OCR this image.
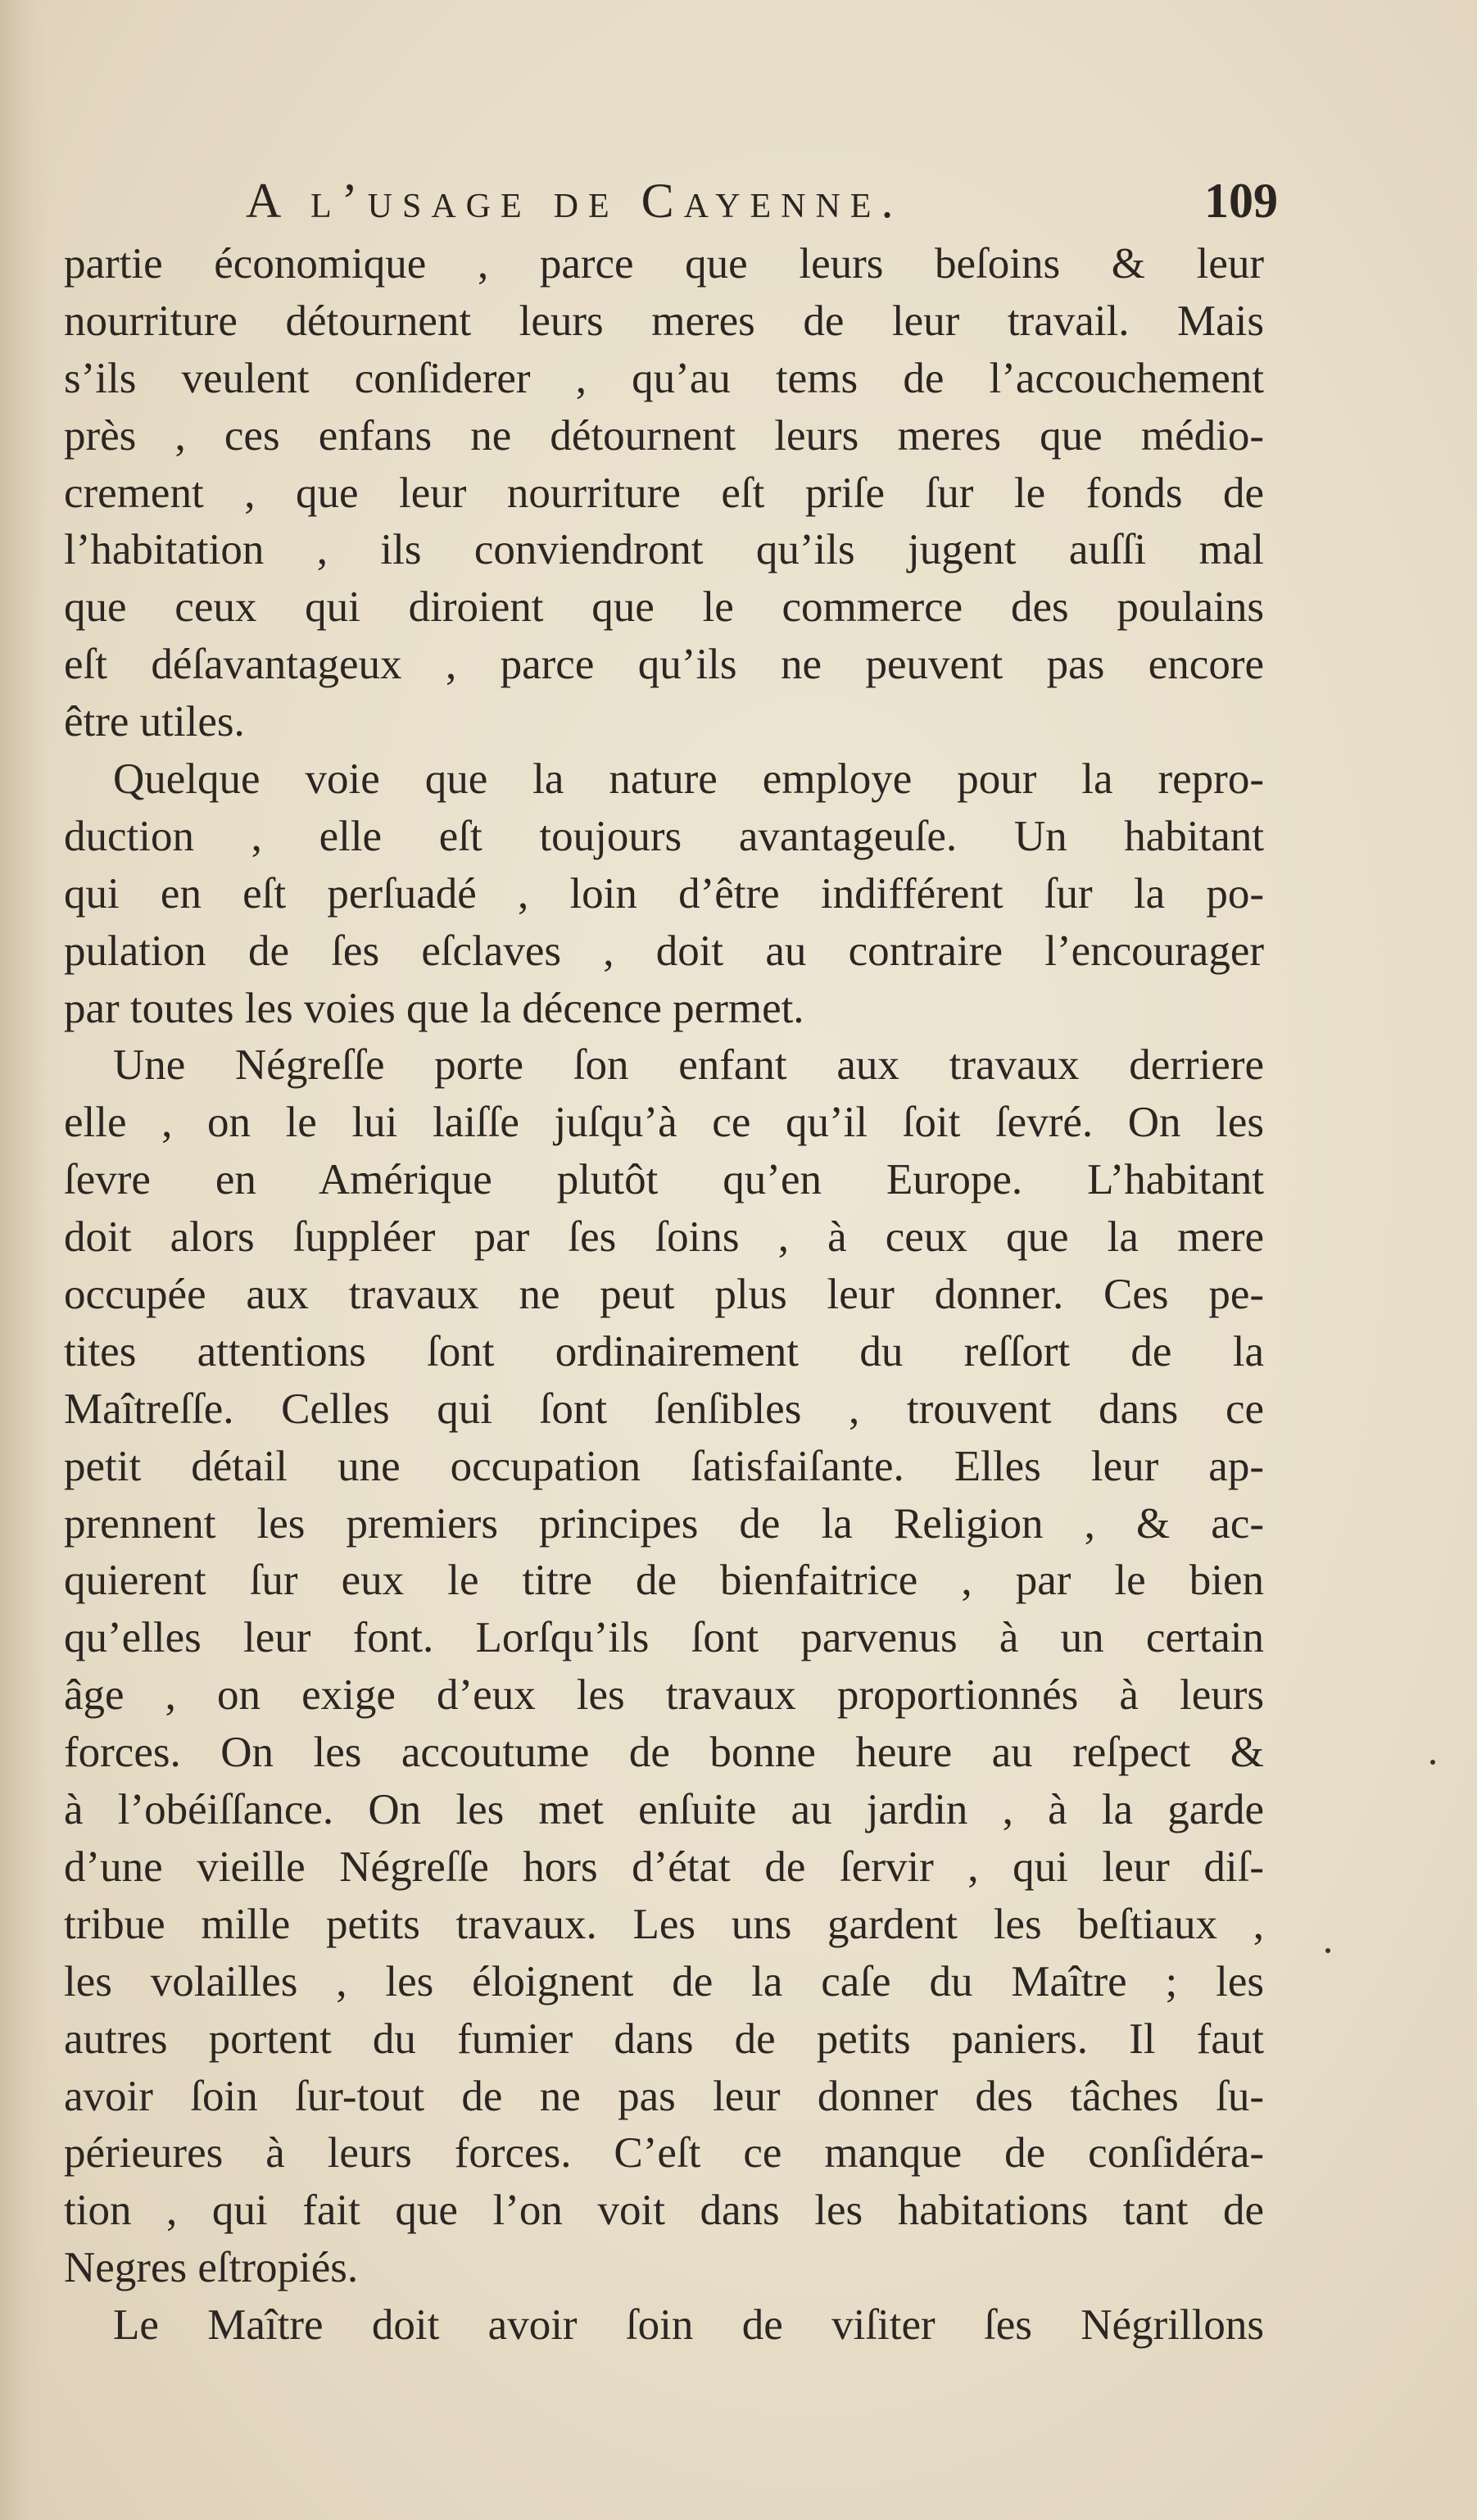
A l’usage de Cayenne.	109
partie économique , parce que leurs beſoins & leur
nourriture détournent leurs meres de leur travail. Mais
s’ils veulent conſiderer , qu’au tems de l’accouchement
près , ces enfans ne détournent leurs meres que médio-
crement , que leur nourriture eſt priſe ſur le fonds de
l’habitation , ils conviendront qu’ils jugent auſſi mal
que ceux qui diroient que le commerce des poulains
eſt déſavantageux , parce qu’ils ne peuvent pas encore
être utiles.
Quelque voie que la nature employe pour la repro-
duction , elle eſt toujours avantageuſe. Un habitant
qui en eſt perſuadé , loin d’être indifférent ſur la po-
pulation de ſes eſclaves , doit au contraire l’encourager
par toutes les voies que la décence permet.
Une Négreſſe porte ſon enfant aux travaux derriere
elle , on le lui laiſſe juſqu’à ce qu’il ſoit ſevré. On les
ſevre en Amérique plutôt qu’en Europe. L’habitant
doit alors ſuppléer par ſes ſoins , à ceux que la mere
occupée aux travaux ne peut plus leur donner. Ces pe-
tites attentions ſont ordinairement du reſſort de la
Maîtreſſe. Celles qui ſont ſenſibles , trouvent dans ce
petit détail une occupation ſatisfaiſante. Elles leur ap-
prennent les premiers principes de la Religion , & ac-
quierent ſur eux le titre de bienfaitrice , par le bien
qu’elles leur font. Lorſqu’ils ſont parvenus à un certain
âge , on exige d’eux les travaux proportionnés à leurs
forces. On les accoutume de bonne heure au reſpect &
à l’obéiſſance. On les met enſuite au jardin , à la garde
d’une vieille Négreſſe hors d’état de ſervir , qui leur diſ-
tribue mille petits travaux. Les uns gardent les beſtiaux ,
les volailles , les éloignent de la caſe du Maître ; les
autres portent du fumier dans de petits paniers. Il faut
avoir ſoin ſur-tout de ne pas leur donner des tâches ſu-
périeures à leurs forces. C’eſt ce manque de conſidéra-
tion , qui fait que l’on voit dans les habitations tant de
Negres eſtropiés.
Le Maître doit avoir ſoin de viſiter ſes Négrillons
